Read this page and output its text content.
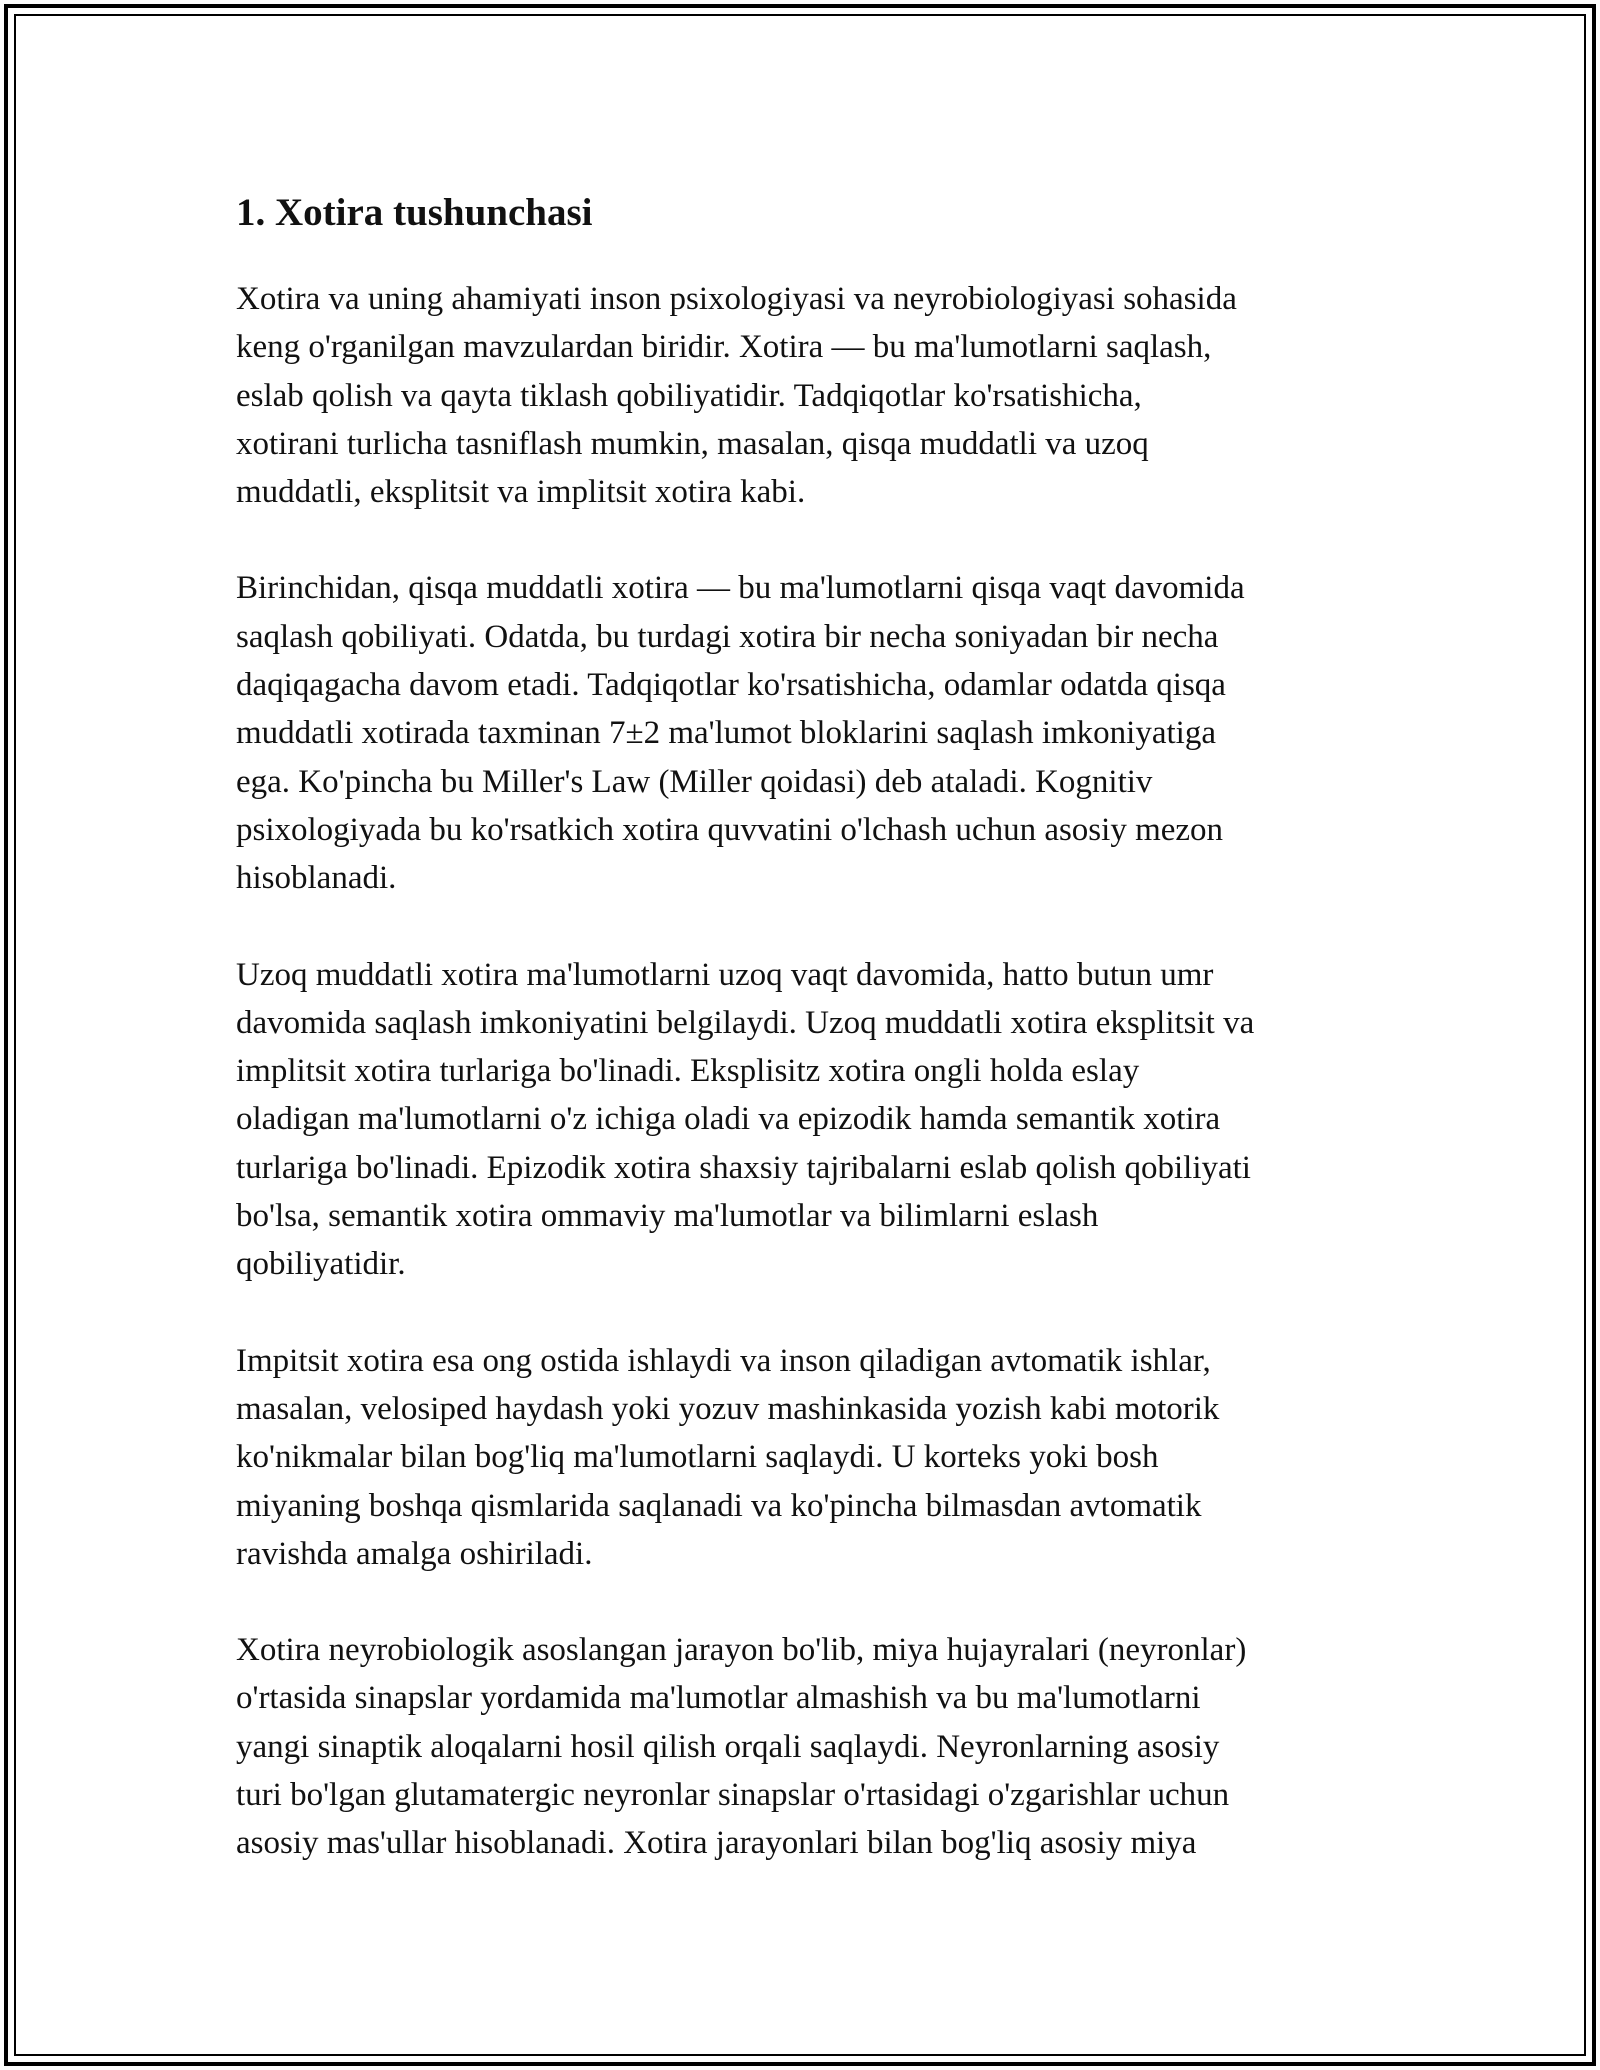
1. Xotira tushunchasi
Xotira va uning ahamiyati inson psixologiyasi va neyrobiologiyasi sohasida
keng o'rganilgan mavzulardan biridir. Xotira — bu ma'lumotlarni saqlash,
eslab qolish va qayta tiklash qobiliyatidir. Tadqiqotlar ko'rsatishicha,
xotirani turlicha tasniflash mumkin, masalan, qisqa muddatli va uzoq
muddatli, eksplitsit va implitsit xotira kabi.
Birinchidan, qisqa muddatli xotira — bu ma'lumotlarni qisqa vaqt davomida
saqlash qobiliyati. Odatda, bu turdagi xotira bir necha soniyadan bir necha
daqiqagacha davom etadi. Tadqiqotlar ko'rsatishicha, odamlar odatda qisqa
muddatli xotirada taxminan 7±2 ma'lumot bloklarini saqlash imkoniyatiga
ega. Ko'pincha bu Miller's Law (Miller qoidasi) deb ataladi. Kognitiv
psixologiyada bu ko'rsatkich xotira quvvatini o'lchash uchun asosiy mezon
hisoblanadi.
Uzoq muddatli xotira ma'lumotlarni uzoq vaqt davomida, hatto butun umr
davomida saqlash imkoniyatini belgilaydi. Uzoq muddatli xotira eksplitsit va
implitsit xotira turlariga bo'linadi. Eksplisitz xotira ongli holda eslay
oladigan ma'lumotlarni o'z ichiga oladi va epizodik hamda semantik xotira
turlariga bo'linadi. Epizodik xotira shaxsiy tajribalarni eslab qolish qobiliyati
bo'lsa, semantik xotira ommaviy ma'lumotlar va bilimlarni eslash
qobiliyatidir.
Impitsit xotira esa ong ostida ishlaydi va inson qiladigan avtomatik ishlar,
masalan, velosiped haydash yoki yozuv mashinkasida yozish kabi motorik
ko'nikmalar bilan bog'liq ma'lumotlarni saqlaydi. U korteks yoki bosh
miyaning boshqa qismlarida saqlanadi va ko'pincha bilmasdan avtomatik
ravishda amalga oshiriladi.
Xotira neyrobiologik asoslangan jarayon bo'lib, miya hujayralari (neyronlar)
o'rtasida sinapslar yordamida ma'lumotlar almashish va bu ma'lumotlarni
yangi sinaptik aloqalarni hosil qilish orqali saqlaydi. Neyronlarning asosiy
turi bo'lgan glutamatergic neyronlar sinapslar o'rtasidagi o'zgarishlar uchun
asosiy mas'ullar hisoblanadi. Xotira jarayonlari bilan bog'liq asosiy miya
